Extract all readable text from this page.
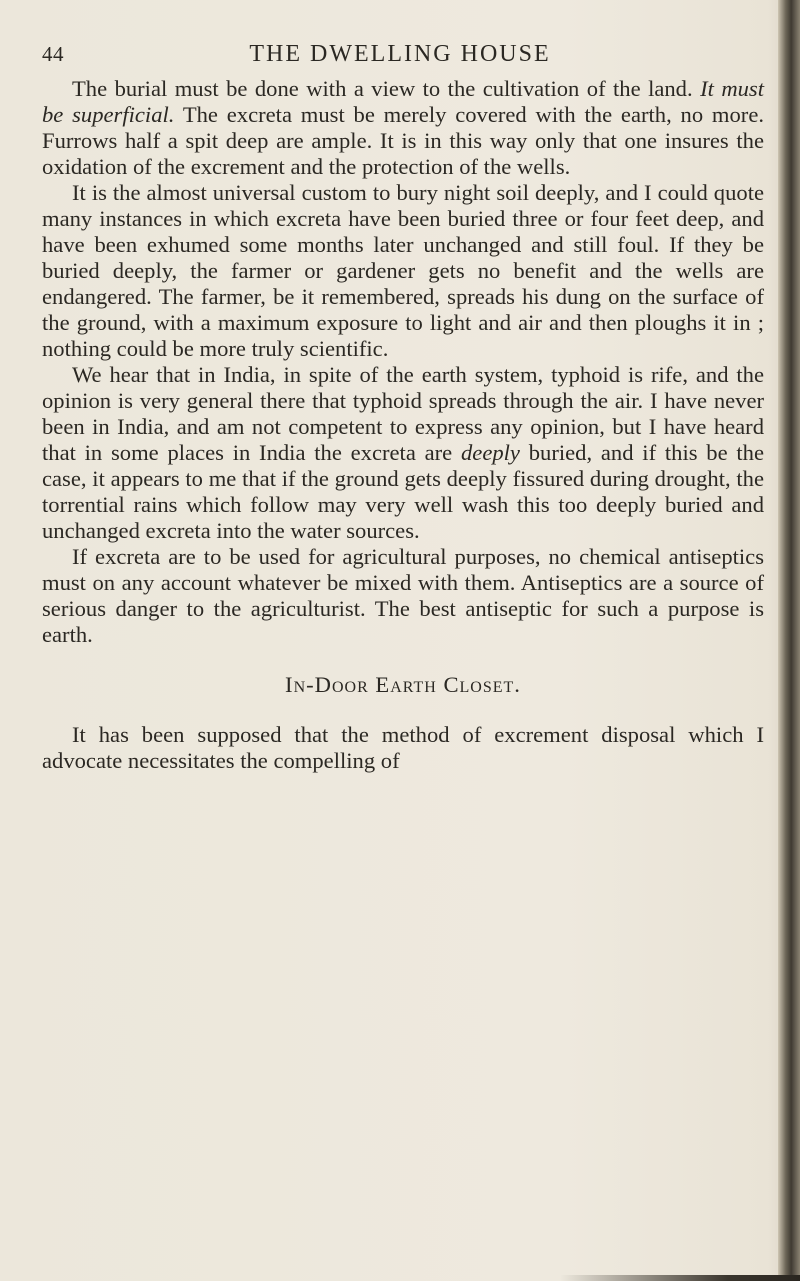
44	THE DWELLING HOUSE

The burial must be done with a view to the cultivation of the land. It must be superficial. The excreta must be merely covered with the earth, no more. Furrows half a spit deep are ample. It is in this way only that one insures the oxidation of the excrement and the protection of the wells.

It is the almost universal custom to bury night soil deeply, and I could quote many instances in which excreta have been buried three or four feet deep, and have been exhumed some months later unchanged and still foul. If they be buried deeply, the farmer or gardener gets no benefit and the wells are endangered. The farmer, be it remembered, spreads his dung on the surface of the ground, with a maximum exposure to light and air and then ploughs it in ; nothing could be more truly scientific.

We hear that in India, in spite of the earth system, typhoid is rife, and the opinion is very general there that typhoid spreads through the air. I have never been in India, and am not competent to express any opinion, but I have heard that in some places in India the excreta are deeply buried, and if this be the case, it appears to me that if the ground gets deeply fissured during drought, the torrential rains which follow may very well wash this too deeply buried and unchanged excreta into the water sources.

If excreta are to be used for agricultural purposes, no chemical antiseptics must on any account whatever be mixed with them. Antiseptics are a source of serious danger to the agriculturist. The best antiseptic for such a purpose is earth.

In-Door Earth Closet.

It has been supposed that the method of excrement disposal which I advocate necessitates the compelling of
